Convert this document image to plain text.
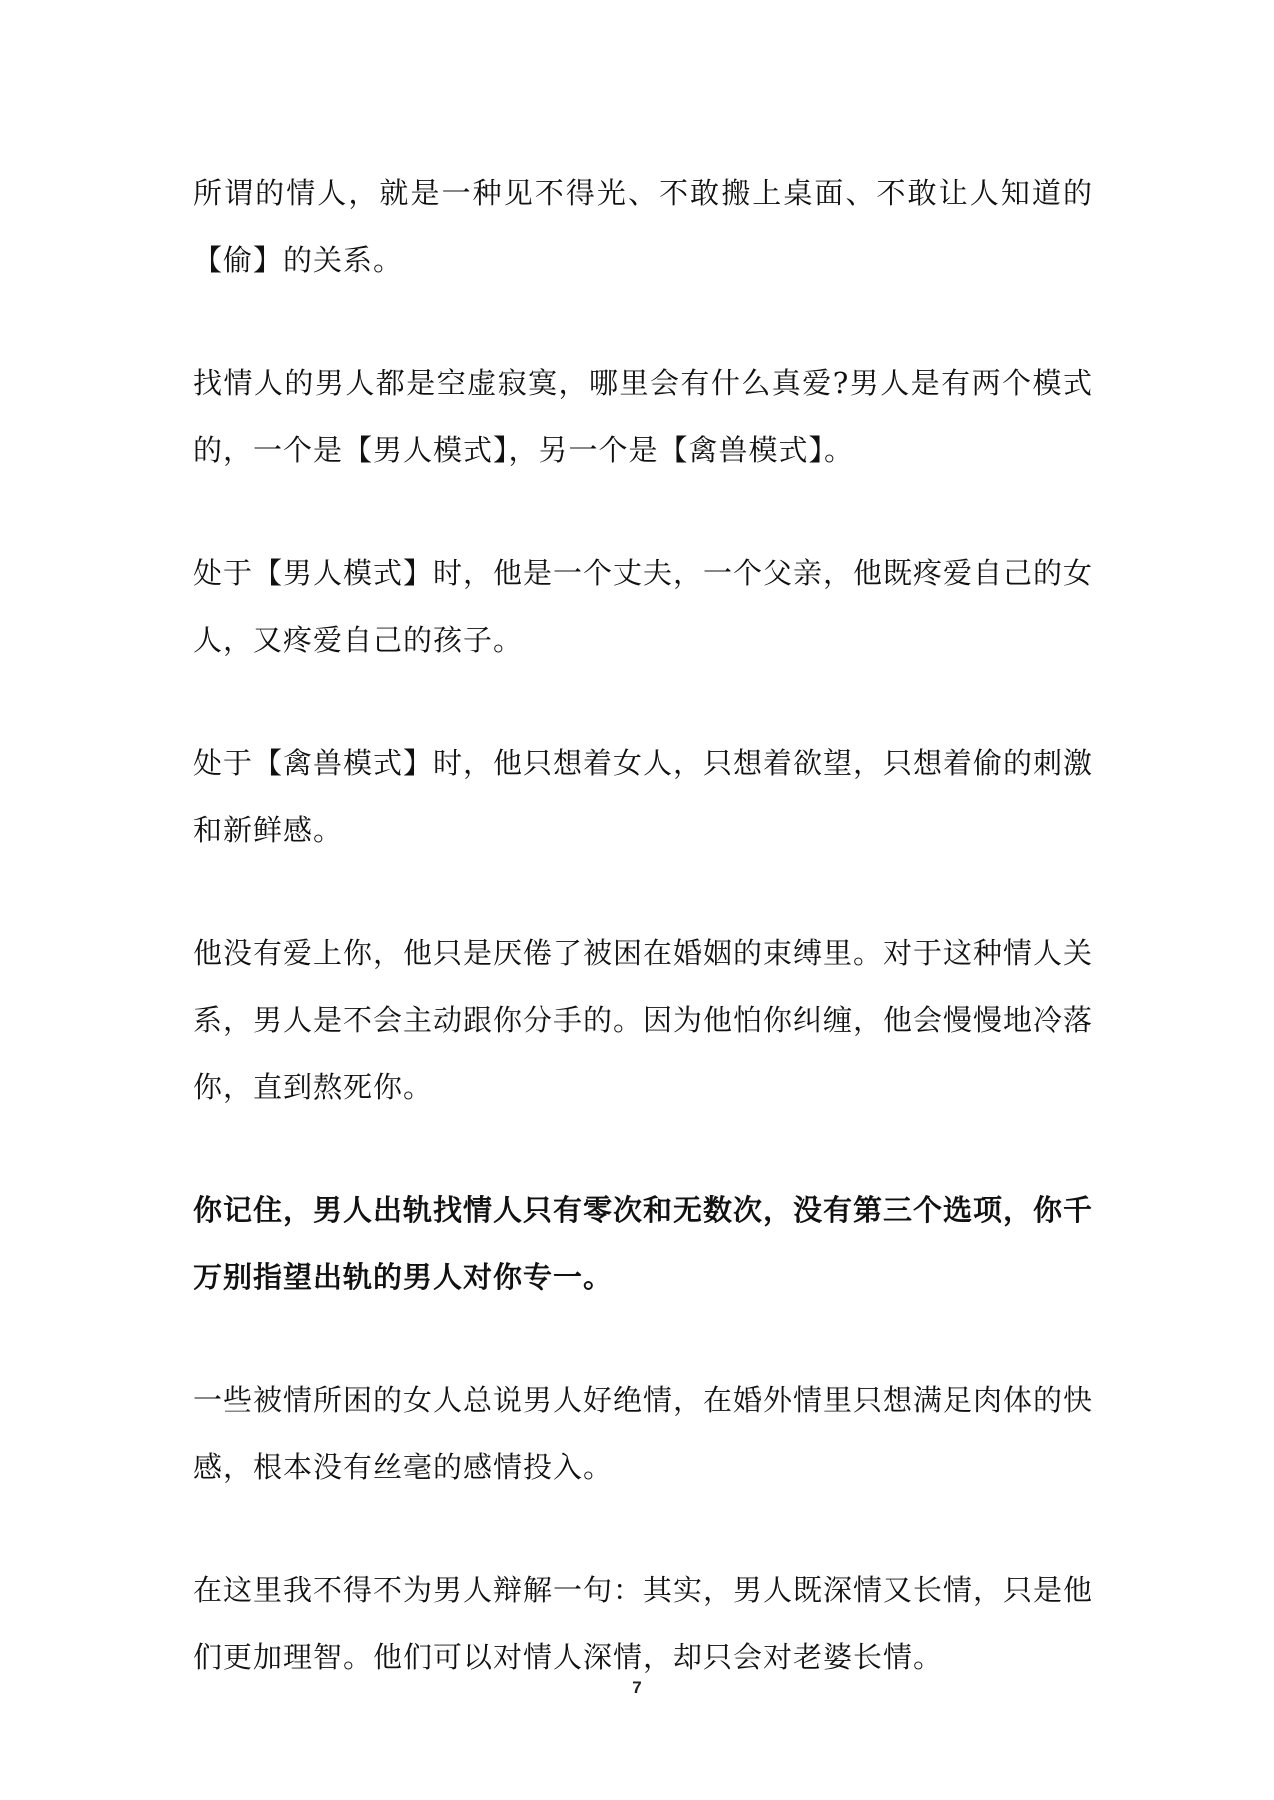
所谓的情人，就是一种见不得光、不敢搬上桌面、不敢让人知道的【偷】的关系。

找情人的男人都是空虚寂寞，哪里会有什么真爱?男人是有两个模式的，一个是【男人模式】，另一个是【禽兽模式】。

处于【男人模式】时，他是一个丈夫，一个父亲，他既疼爱自己的女人，又疼爱自己的孩子。

处于【禽兽模式】时，他只想着女人，只想着欲望，只想着偷的刺激和新鲜感。

他没有爱上你，他只是厌倦了被困在婚姻的束缚里。对于这种情人关系，男人是不会主动跟你分手的。因为他怕你纠缠，他会慢慢地冷落你，直到熬死你。

你记住，男人出轨找情人只有零次和无数次，没有第三个选项，你千万别指望出轨的男人对你专一。

一些被情所困的女人总说男人好绝情，在婚外情里只想满足肉体的快感，根本没有丝毫的感情投入。

在这里我不得不为男人辩解一句：其实，男人既深情又长情，只是他们更加理智。他们可以对情人深情，却只会对老婆长情。

7
